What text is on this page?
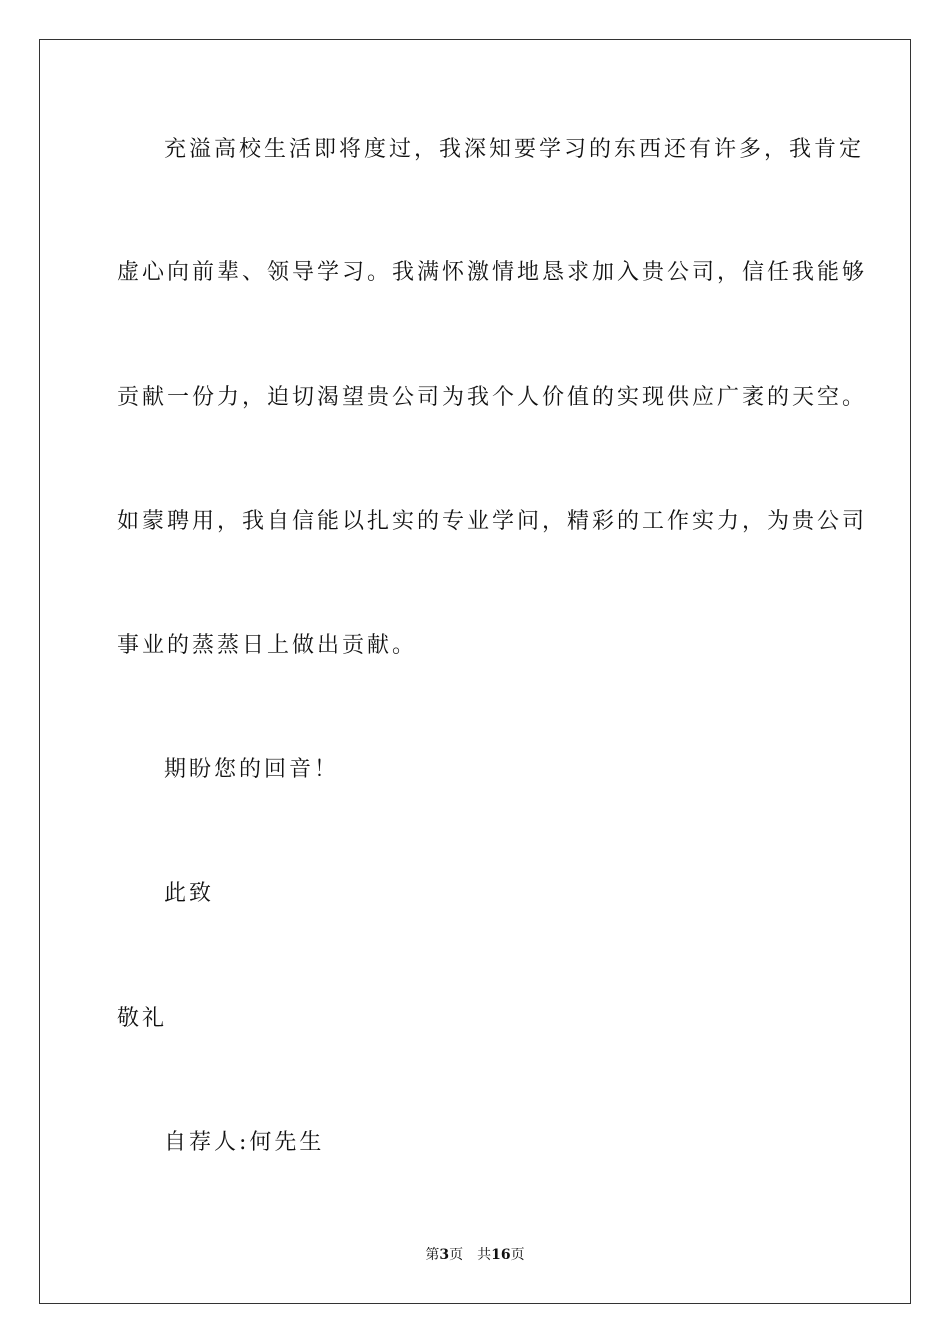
充溢高校生活即将度过，我深知要学习的东西还有许多，我肯定
虚心向前辈、领导学习。我满怀激情地恳求加入贵公司，信任我能够
贡献一份力，迫切渴望贵公司为我个人价值的实现供应广袤的天空。
如蒙聘用，我自信能以扎实的专业学问，精彩的工作实力，为贵公司
事业的蒸蒸日上做出贡献。
期盼您的回音！
此致
敬礼
自荐人:何先生
第3页 共16页
